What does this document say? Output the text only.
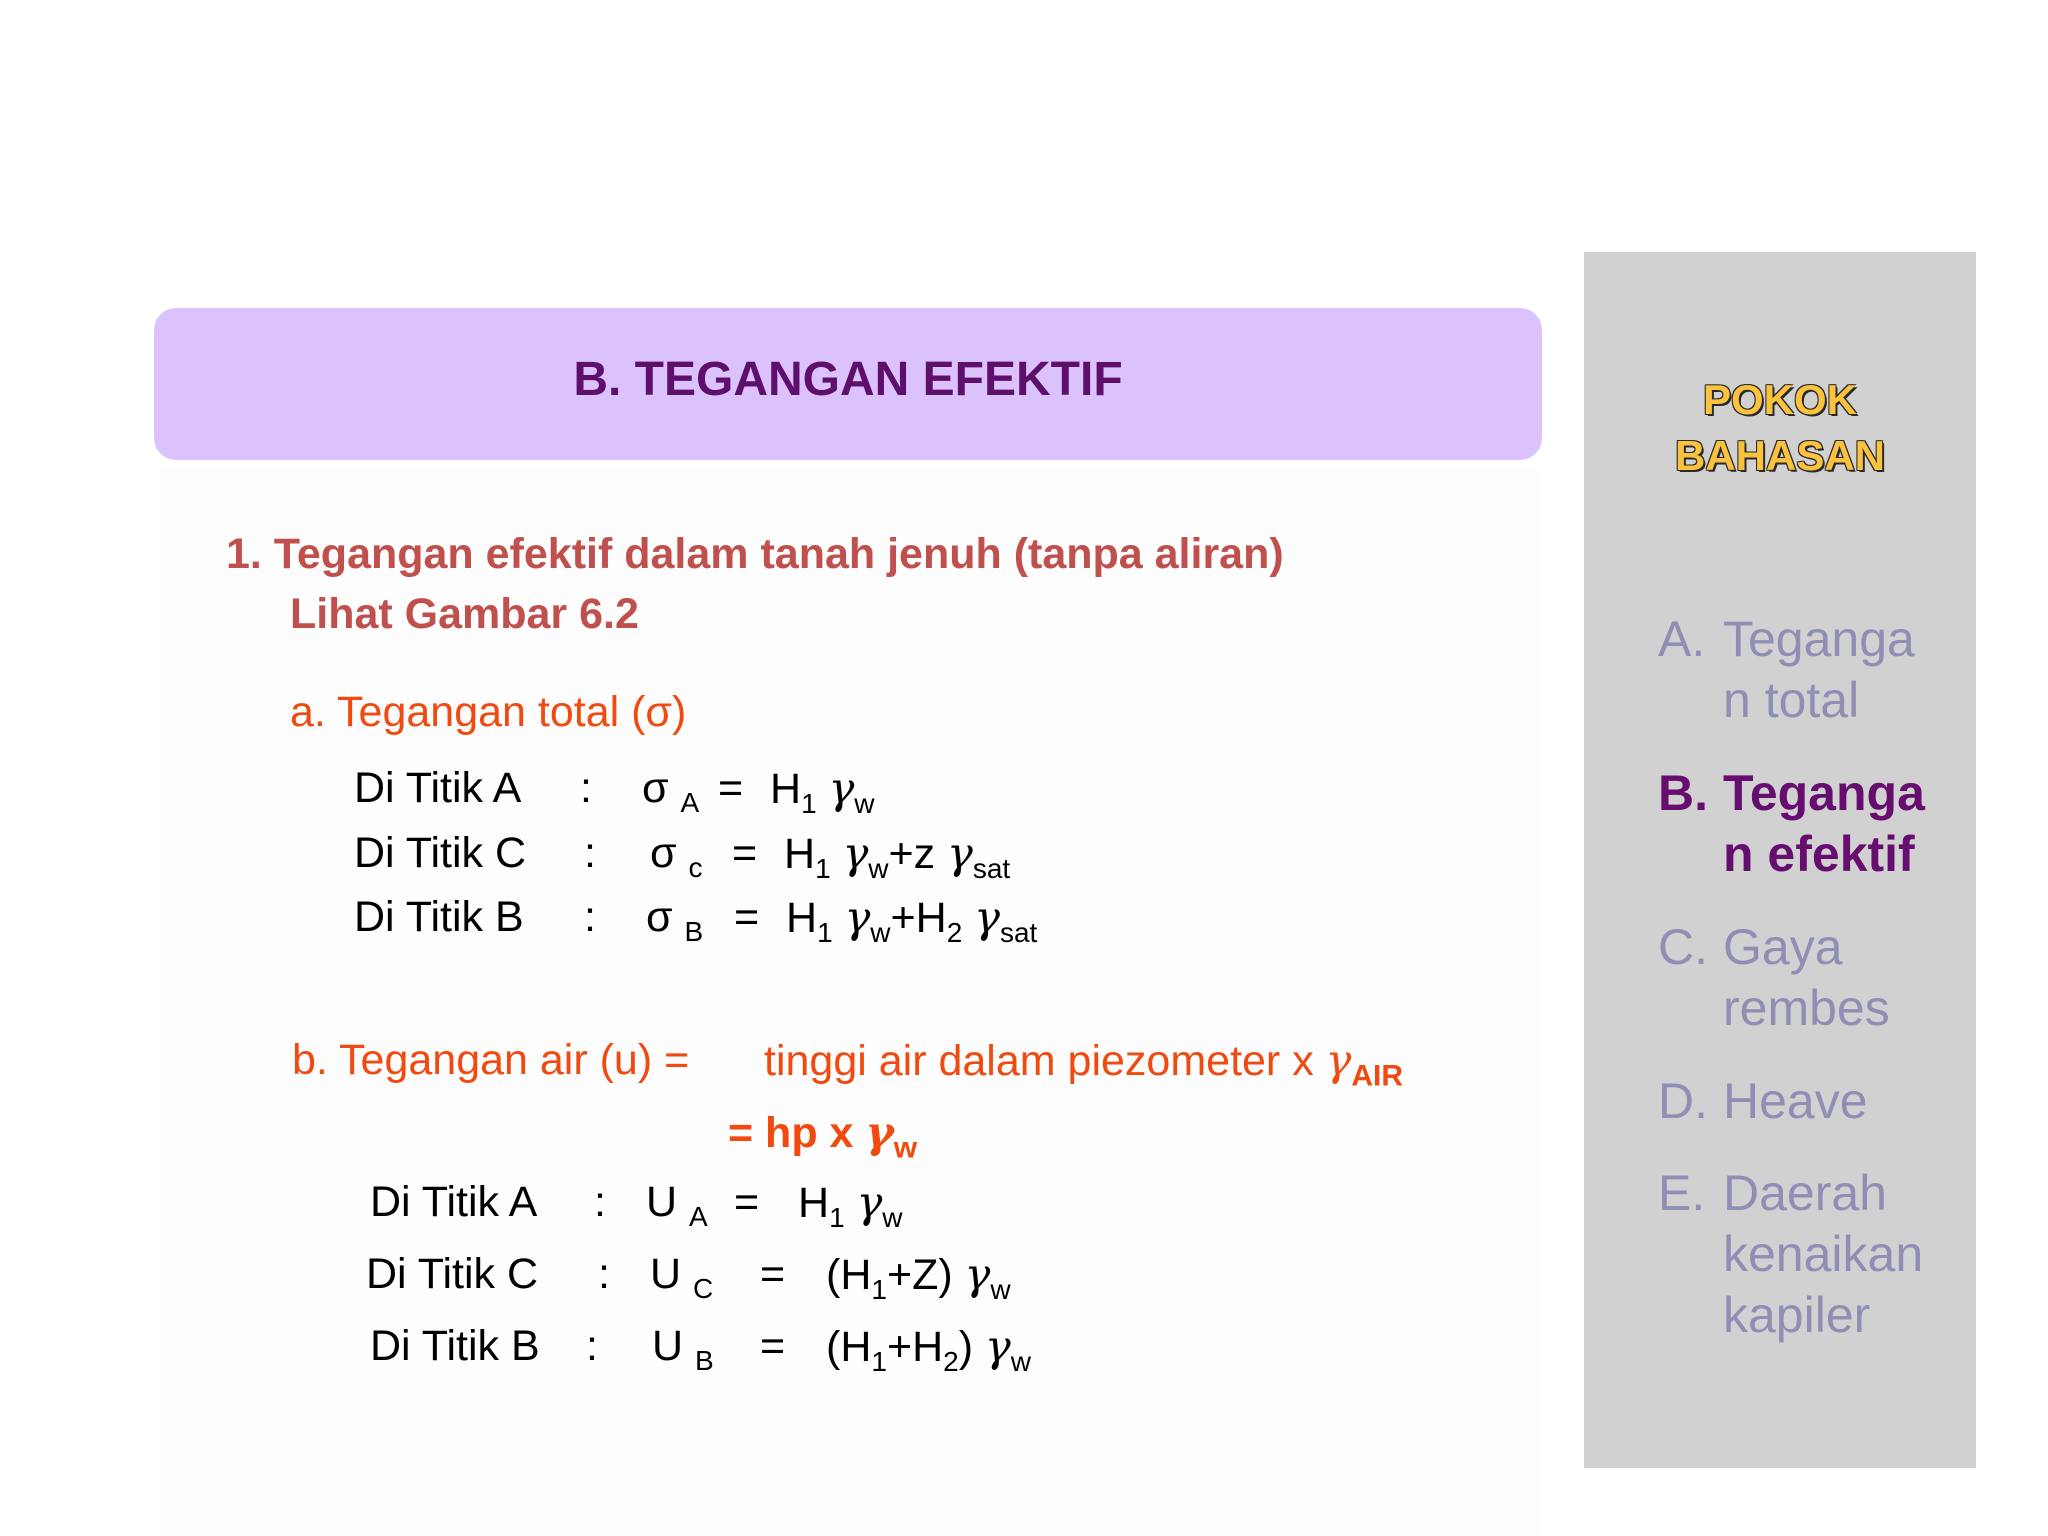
B. TEGANGAN EFEKTIF
1. Tegangan efektif dalam tanah jenuh (tanpa aliran)
Lihat Gambar 6.2
a. Tegangan total (σ)
Di Titik A : σ $_A = H_1$ $\gamma_w$
Di Titik C : σ $_c = H_1$ $\gamma_w+z$ $\gamma_{sat}$
Di Titik B : σ $_B = H_1$ $\gamma_w+H_2$ $\gamma_{sat}$
b. Tegangan air (u) = tinggi air dalam piezometer x $\gamma_{AIR}$
= hp x $\gamma_w$
Di Titik A : U $_A = H_1$ $\gamma_w$
Di Titik C : U $_C = (H_1+Z)$ $\gamma_w$
Di Titik B : U $_B = (H_1+H_2)$ $\gamma_w$
POKOK
BAHASAN
A. Teganga
n total
B. Teganga
n efektif
C. Gaya
rembes
D. Heave
E. Daerah
kenaikan
kapiler
